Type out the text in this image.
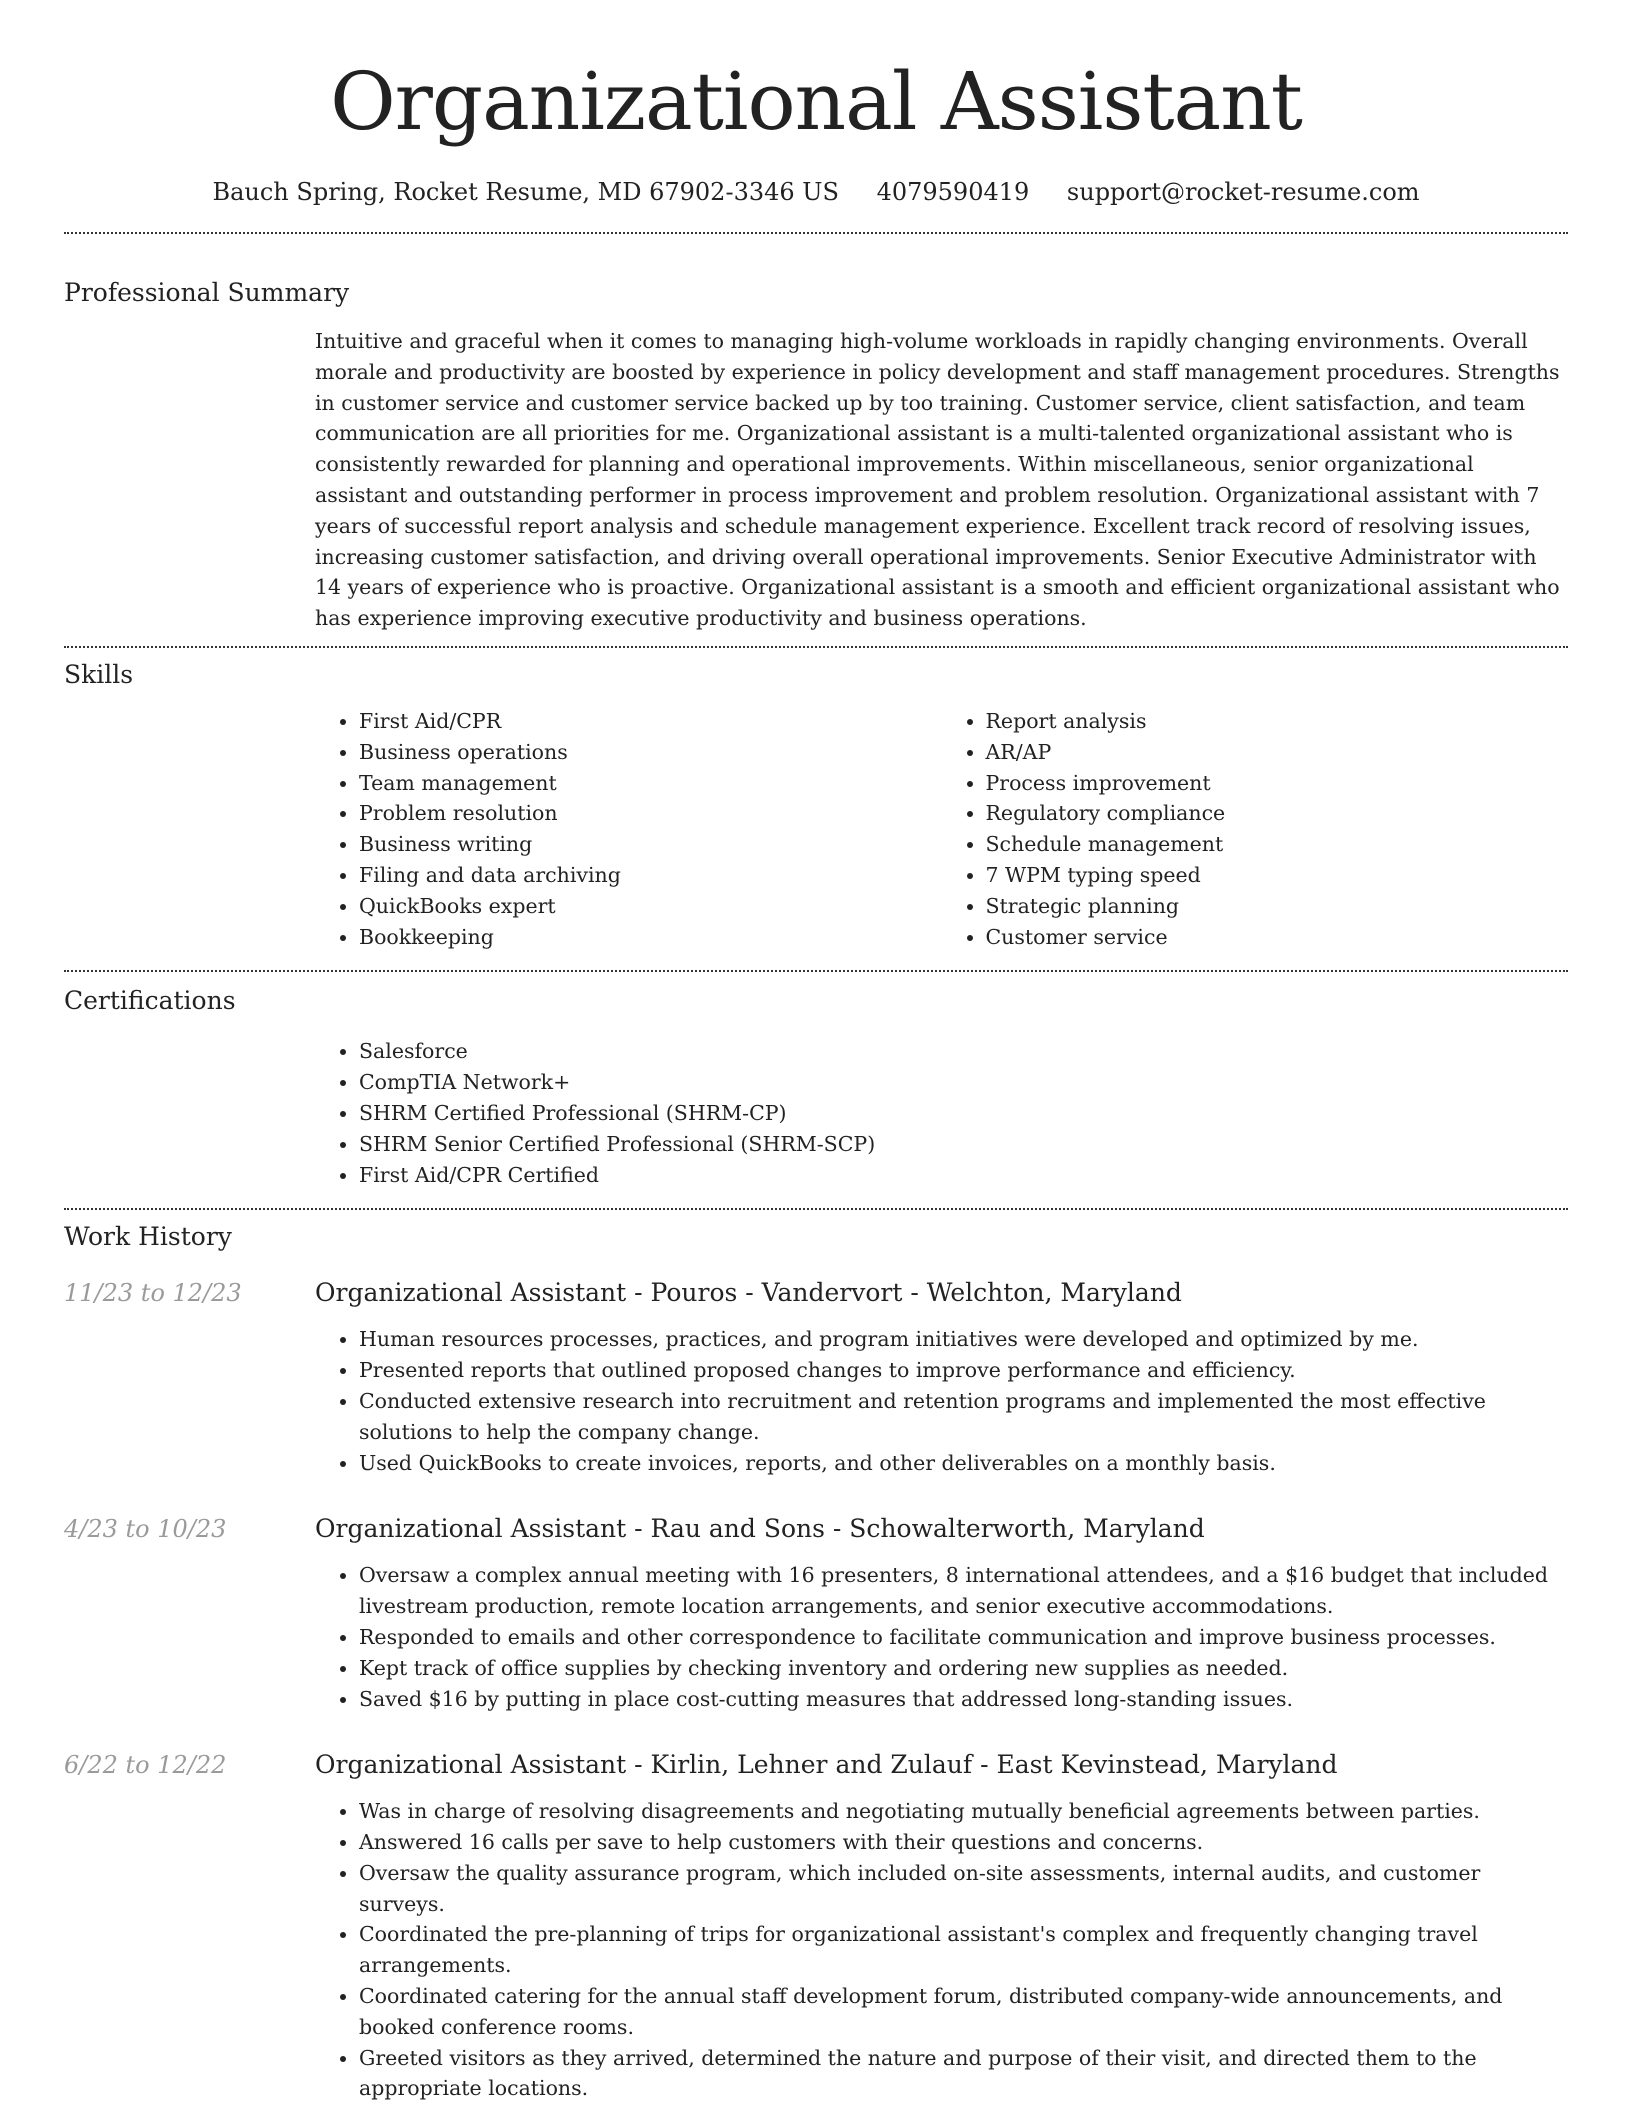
Organizational Assistant
Bauch Spring, Rocket Resume, MD 67902-3346 US 4079590419 support@rocket-resume.com
Professional Summary

Intuitive and graceful when it comes to managing high-volume workloads in rapidly changing environments. Overall morale and productivity are boosted by experience in policy development and staff management procedures. Strengths in customer service and customer service backed up by too training. Customer service, client satisfaction, and team communication are all priorities for me. Organizational assistant is a multi-talented organizational assistant who is consistently rewarded for planning and operational improvements. Within miscellaneous, senior organizational assistant and outstanding performer in process improvement and problem resolution. Organizational assistant with 7 years of successful report analysis and schedule management experience. Excellent track record of resolving issues, increasing customer satisfaction, and driving overall operational improvements. Senior Executive Administrator with 14 years of experience who is proactive. Organizational assistant is a smooth and efficient organizational assistant who has experience improving executive productivity and business operations.

Skills
• First Aid/CPR
• Business operations
• Team management
• Problem resolution
• Business writing
• Filing and data archiving
• QuickBooks expert
• Bookkeeping
• Report analysis
• AR/AP
• Process improvement
• Regulatory compliance
• Schedule management
• 7 WPM typing speed
• Strategic planning
• Customer service
Certifications
• Salesforce
• CompTIA Network+
• SHRM Certified Professional (SHRM-CP)
• SHRM Senior Certified Professional (SHRM-SCP)
• First Aid/CPR Certified
Work History
11/23 to 12/23	Organizational Assistant - Pouros - Vandervort - Welchton, Maryland
• Human resources processes, practices, and program initiatives were developed and optimized by me.
• Presented reports that outlined proposed changes to improve performance and efficiency.
• Conducted extensive research into recruitment and retention programs and implemented the most effective solutions to help the company change.
• Used QuickBooks to create invoices, reports, and other deliverables on a monthly basis.
4/23 to 10/23	Organizational Assistant - Rau and Sons - Schowalterworth, Maryland
• Oversaw a complex annual meeting with 16 presenters, 8 international attendees, and a $16 budget that included livestream production, remote location arrangements, and senior executive accommodations.
• Responded to emails and other correspondence to facilitate communication and improve business processes.
• Kept track of office supplies by checking inventory and ordering new supplies as needed.
• Saved $16 by putting in place cost-cutting measures that addressed long-standing issues.
6/22 to 12/22	Organizational Assistant - Kirlin, Lehner and Zulauf - East Kevinstead, Maryland
• Was in charge of resolving disagreements and negotiating mutually beneficial agreements between parties.
• Answered 16 calls per save to help customers with their questions and concerns.
• Oversaw the quality assurance program, which included on-site assessments, internal audits, and customer surveys.
• Coordinated the pre-planning of trips for organizational assistant's complex and frequently changing travel arrangements.
• Coordinated catering for the annual staff development forum, distributed company-wide announcements, and booked conference rooms.
• Greeted visitors as they arrived, determined the nature and purpose of their visit, and directed them to the appropriate locations.
